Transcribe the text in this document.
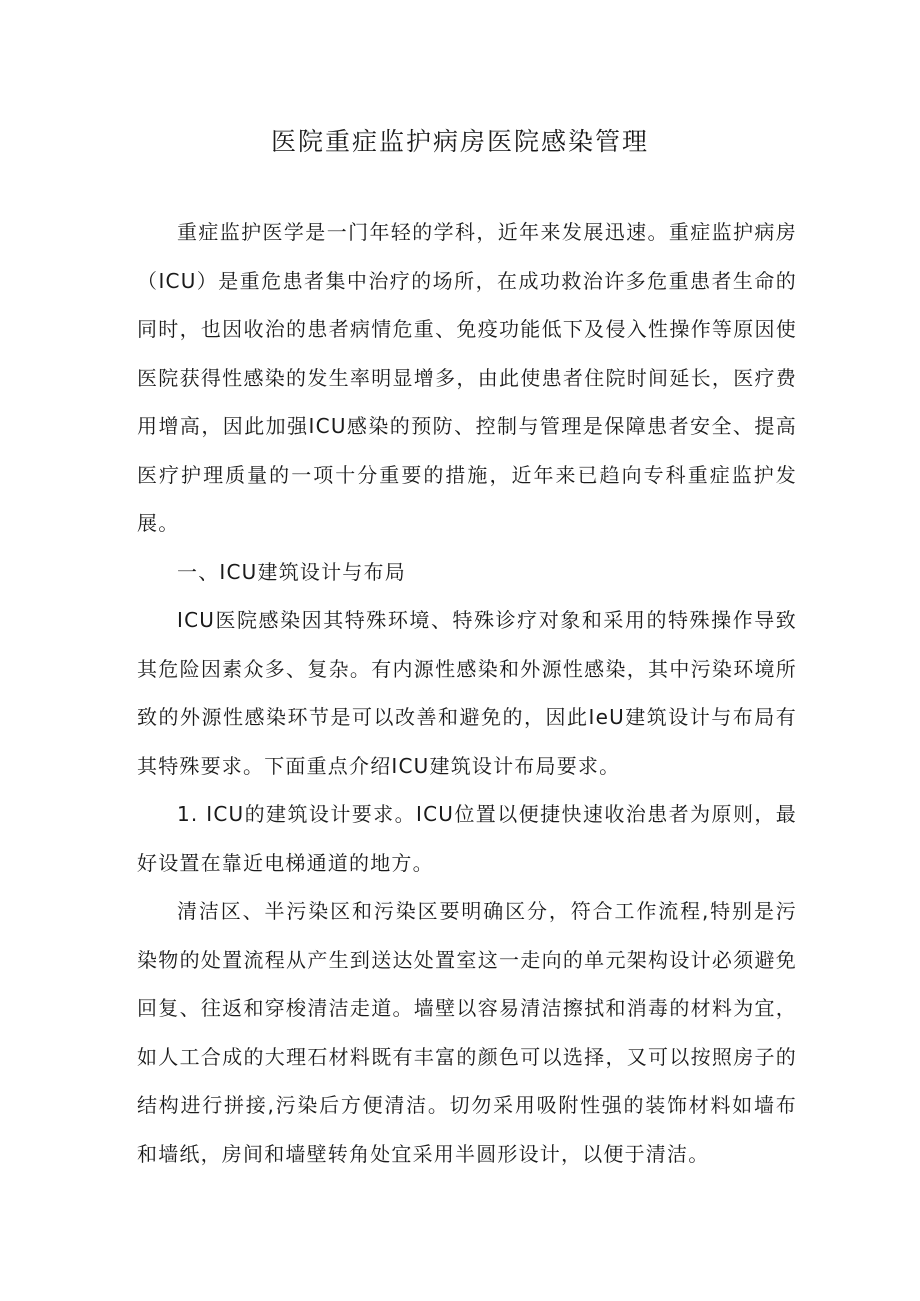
医院重症监护病房医院感染管理

重症监护医学是一门年轻的学科，近年来发展迅速。重症监护病房（ICU）是重危患者集中治疗的场所，在成功救治许多危重患者生命的同时，也因收治的患者病情危重、免疫功能低下及侵入性操作等原因使医院获得性感染的发生率明显增多，由此使患者住院时间延长，医疗费用增高，因此加强ICU感染的预防、控制与管理是保障患者安全、提高医疗护理质量的一项十分重要的措施，近年来已趋向专科重症监护发展。

一、ICU建筑设计与布局

ICU医院感染因其特殊环境、特殊诊疗对象和采用的特殊操作导致其危险因素众多、复杂。有内源性感染和外源性感染，其中污染环境所致的外源性感染环节是可以改善和避免的，因此IeU建筑设计与布局有其特殊要求。下面重点介绍ICU建筑设计布局要求。

1. ICU的建筑设计要求。ICU位置以便捷快速收治患者为原则，最好设置在靠近电梯通道的地方。

清洁区、半污染区和污染区要明确区分，符合工作流程,特别是污染物的处置流程从产生到送达处置室这一走向的单元架构设计必须避免回复、往返和穿梭清洁走道。墙壁以容易清洁擦拭和消毒的材料为宜，如人工合成的大理石材料既有丰富的颜色可以选择，又可以按照房子的结构进行拼接,污染后方便清洁。切勿采用吸附性强的装饰材料如墙布和墙纸，房间和墙壁转角处宜采用半圆形设计，以便于清洁。
